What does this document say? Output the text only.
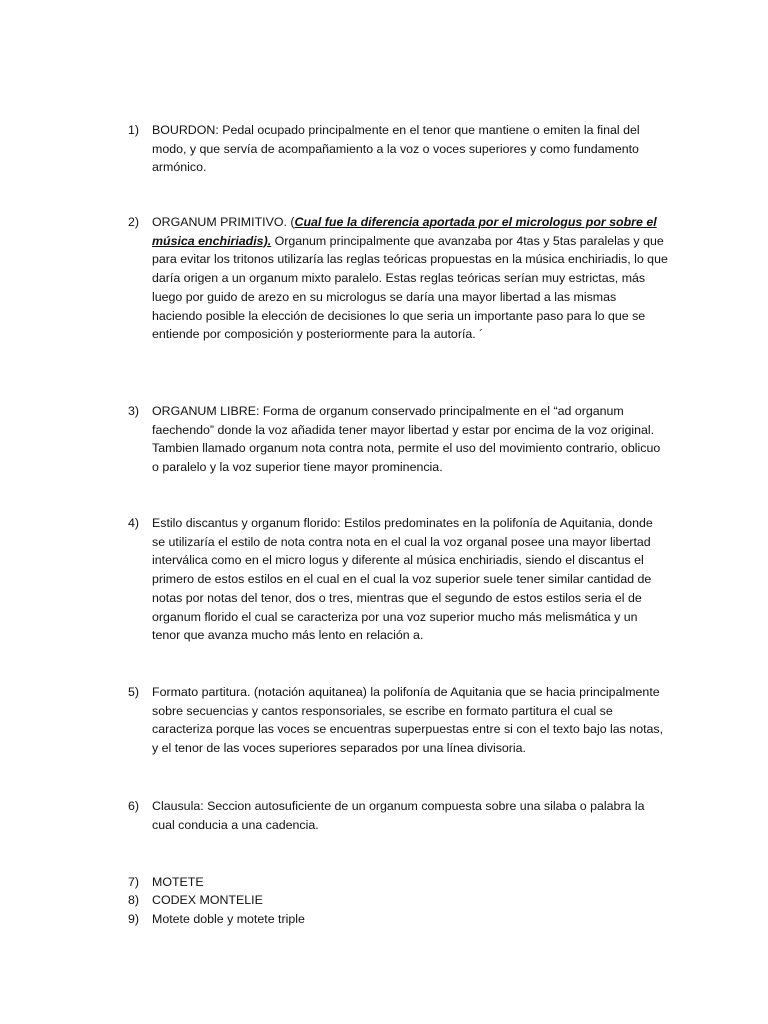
1)	BOURDON: Pedal ocupado principalmente en el tenor que mantiene o emiten la final del modo, y que servía de acompañamiento a la voz o voces superiores y como fundamento armónico.
2)	ORGANUM PRIMITIVO. (Cual fue la diferencia aportada por el micrologus por sobre el música enchiriadis). Organum principalmente que avanzaba por 4tas y 5tas paralelas y que para evitar los tritonos utilizaría las reglas teóricas propuestas en la música enchiriadis, lo que daría origen a un organum mixto paralelo. Estas reglas teóricas serían muy estrictas, más luego por guido de arezo en su micrologus se daría una mayor libertad a las mismas haciendo posible la elección de decisiones lo que seria un importante paso para lo que se entiende por composición y posteriormente para la autoría. ´
3)	ORGANUM LIBRE: Forma de organum conservado principalmente en el “ad organum faechendo” donde la voz añadida tener mayor libertad y estar por encima de la voz original. Tambien llamado organum nota contra nota, permite el uso del movimiento contrario, oblicuo o paralelo y la voz superior tiene mayor prominencia.
4)	Estilo discantus y organum florido: Estilos predominates en la polifonía de Aquitania, donde se utilizaría el estilo de nota contra nota en el cual la voz organal posee una mayor libertad interválica como en el micro logus y diferente al música enchiriadis, siendo el discantus el primero de estos estilos en el cual en el cual la voz superior suele tener similar cantidad de notas por notas del tenor, dos o tres, mientras que el segundo de estos estilos seria el de organum florido el cual se caracteriza por una voz superior mucho más melismática y un tenor que avanza mucho más lento en relación a.
5)	Formato partitura. (notación aquitanea) la polifonía de Aquitania que se hacia principalmente sobre secuencias y cantos responsoriales, se escribe en formato partitura el cual se caracteriza porque las voces se encuentras superpuestas entre si con el texto bajo las notas, y el tenor de las voces superiores separados por una línea divisoria.
6)	Clausula: Seccion autosuficiente de un organum compuesta sobre una silaba o palabra la cual conducia a una cadencia.
7)	MOTETE
8)	CODEX MONTELIE
9)	Motete doble y motete triple
